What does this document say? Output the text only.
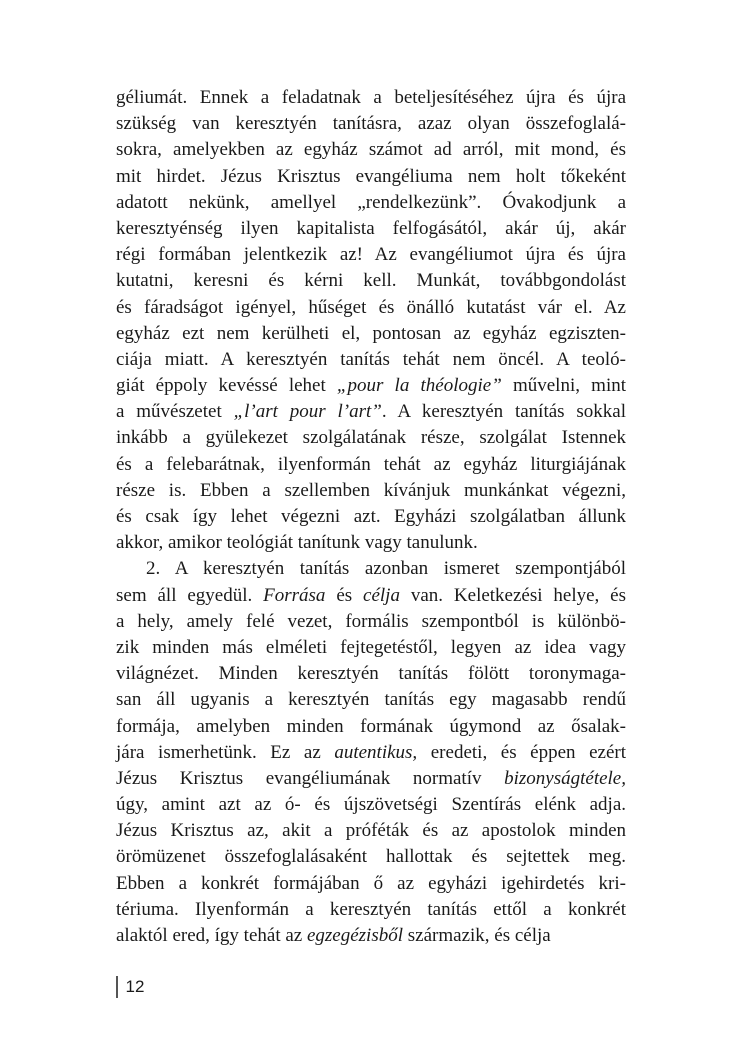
géliumát. Ennek a feladatnak a beteljesítéséhez újra és újra
szükség van keresztyén tanításra, azaz olyan összefoglalá-
sokra, amelyekben az egyház számot ad arról, mit mond, és
mit hirdet. Jézus Krisztus evangéliuma nem holt tőkeként
adatott nekünk, amellyel „rendelkezünk”. Óvakodjunk a
keresztyénség ilyen kapitalista felfogásától, akár új, akár
régi formában jelentkezik az! Az evangéliumot újra és újra
kutatni, keresni és kérni kell. Munkát, továbbgondolást
és fáradságot igényel, hűséget és önálló kutatást vár el. Az
egyház ezt nem kerülheti el, pontosan az egyház egziszten-
ciája miatt. A keresztyén tanítás tehát nem öncél. A teoló-
giát éppoly kevéssé lehet „pour la théologie” művelni, mint
a művészetet „l’art pour l’art”. A keresztyén tanítás sokkal
inkább a gyülekezet szolgálatának része, szolgálat Istennek
és a felebarátnak, ilyenformán tehát az egyház liturgiájának
része is. Ebben a szellemben kívánjuk munkánkat végezni,
és csak így lehet végezni azt. Egyházi szolgálatban állunk
akkor, amikor teológiát tanítunk vagy tanulunk.
2. A keresztyén tanítás azonban ismeret szempontjából
sem áll egyedül. Forrása és célja van. Keletkezési helye, és
a hely, amely felé vezet, formális szempontból is különbö-
zik minden más elméleti fejtegetéstől, legyen az idea vagy
világnézet. Minden keresztyén tanítás fölött toronymaga-
san áll ugyanis a keresztyén tanítás egy magasabb rendű
formája, amelyben minden formának úgymond az ősalak-
jára ismerhetünk. Ez az autentikus, eredeti, és éppen ezért
Jézus Krisztus evangéliumának normatív bizonyságtétele,
úgy, amint azt az ó- és újszövetségi Szentírás elénk adja.
Jézus Krisztus az, akit a próféták és az apostolok minden
örömüzenet összefoglalásaként hallottak és sejtettek meg.
Ebben a konkrét formájában ő az egyházi igehirdetés kri-
tériuma. Ilyenformán a keresztyén tanítás ettől a konkrét
alaktól ered, így tehát az egzegézisből származik, és célja
12
